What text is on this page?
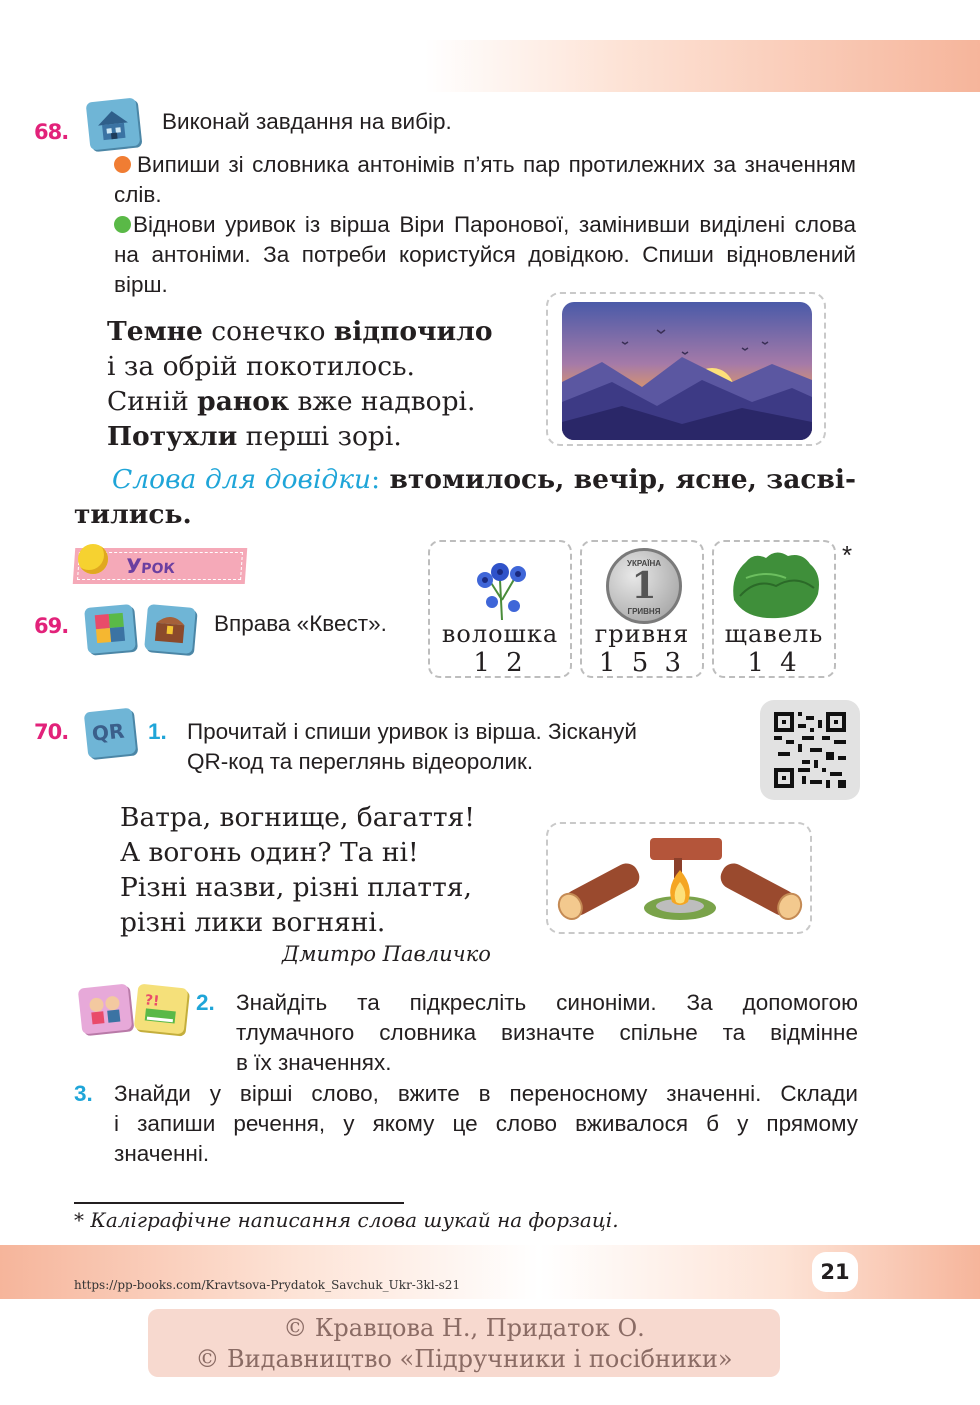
68.	Виконай завдання на вибір.
Випиши зі словника антонімів п’ять пар протилежних за значенням слів.
Віднови уривок із вірша Віри Паронової, замінивши виділені слова на антоніми. За потреби користуйся довідкою. Спиши відновлений вірш.
Темне сонечко відпочило
і за обрій покотилось.
Синій ранок вже надворі.
Потухли перші зорі.
Слова для довідки: втомилось, вечір, ясне, засві-
тились.
Урок
69.	Вправа «Квест».	волошка
1 2
УКРАЇНА
1
ГРИВНЯ
гривня
1 5 3
щавель
1 4
*
70. QR 1. Прочитай і спиши уривок із вірша. Зіскануй
QR-код та переглянь відеоролик.
Ватра, вогнище, багаття!
А вогонь один? Та ні!
Різні назви, різні плаття,
різні лики вогняні.
Дмитро Павличко
?! 2. Знайдіть та підкресліть синоніми. За допомогою
тлумачного словника визначте спільне та відмінне
в їх значеннях.
3. Знайди у вірші слово, вжите в переносному значенні. Склади
і запиши речення, у якому це слово вживалося б у прямому
значенні.
* Каліграфічне написання слова шукай на форзаці.
https://pp-books.com/Kravtsova-Prydatok_Savchuk_Ukr-3kl-s21
21
© Кравцова Н., Придаток О.
© Видавництво «Підручники і посібники»
